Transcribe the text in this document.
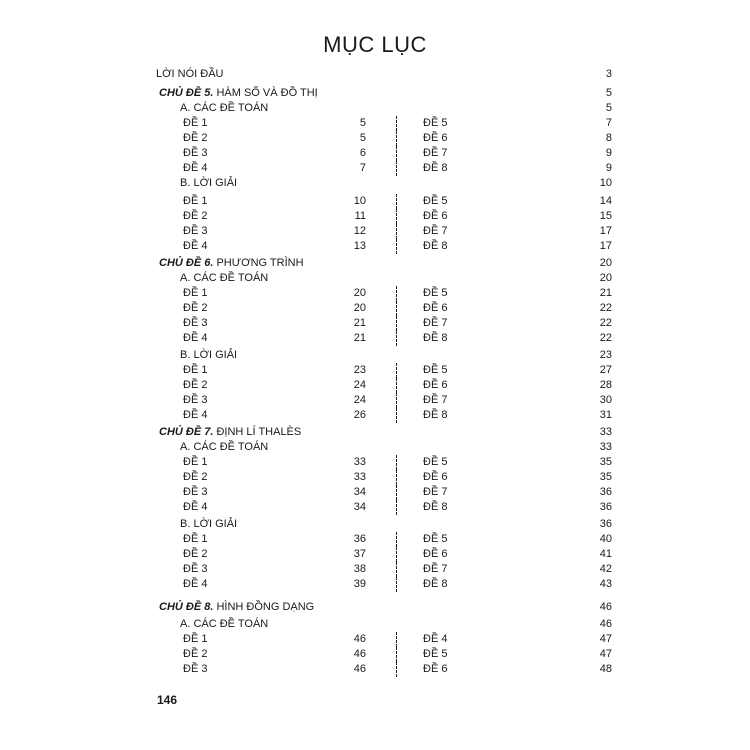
MỤC LỤC
LỜI NÓI ĐẦU	3
CHỦ ĐỀ 5. HÀM SỐ VÀ ĐỒ THỊ	5
A. CÁC ĐỀ TOÁN	5
ĐỀ 1	5	ĐỀ 5	7
ĐỀ 2	5	ĐỀ 6	8
ĐỀ 3	6	ĐỀ 7	9
ĐỀ 4	7	ĐỀ 8	9
B. LỜI GIẢI	10
ĐỀ 1	10	ĐỀ 5	14
ĐỀ 2	11	ĐỀ 6	15
ĐỀ 3	12	ĐỀ 7	17
ĐỀ 4	13	ĐỀ 8	17
CHỦ ĐỀ 6. PHƯƠNG TRÌNH	20
A. CÁC ĐỀ TOÁN	20
ĐỀ 1	20	ĐỀ 5	21
ĐỀ 2	20	ĐỀ 6	22
ĐỀ 3	21	ĐỀ 7	22
ĐỀ 4	21	ĐỀ 8	22
B. LỜI GIẢI	23
ĐỀ 1	23	ĐỀ 5	27
ĐỀ 2	24	ĐỀ 6	28
ĐỀ 3	24	ĐỀ 7	30
ĐỀ 4	26	ĐỀ 8	31
CHỦ ĐỀ 7. ĐỊNH LÍ THALÈS	33
A. CÁC ĐỀ TOÁN	33
ĐỀ 1	33	ĐỀ 5	35
ĐỀ 2	33	ĐỀ 6	35
ĐỀ 3	34	ĐỀ 7	36
ĐỀ 4	34	ĐỀ 8	36
B. LỜI GIẢI	36
ĐỀ 1	36	ĐỀ 5	40
ĐỀ 2	37	ĐỀ 6	41
ĐỀ 3	38	ĐỀ 7	42
ĐỀ 4	39	ĐỀ 8	43
CHỦ ĐỀ 8. HÌNH ĐỒNG DẠNG	46
A. CÁC ĐỀ TOÁN	46
ĐỀ 1	46	ĐỀ 4	47
ĐỀ 2	46	ĐỀ 5	47
ĐỀ 3	46	ĐỀ 6	48
146
